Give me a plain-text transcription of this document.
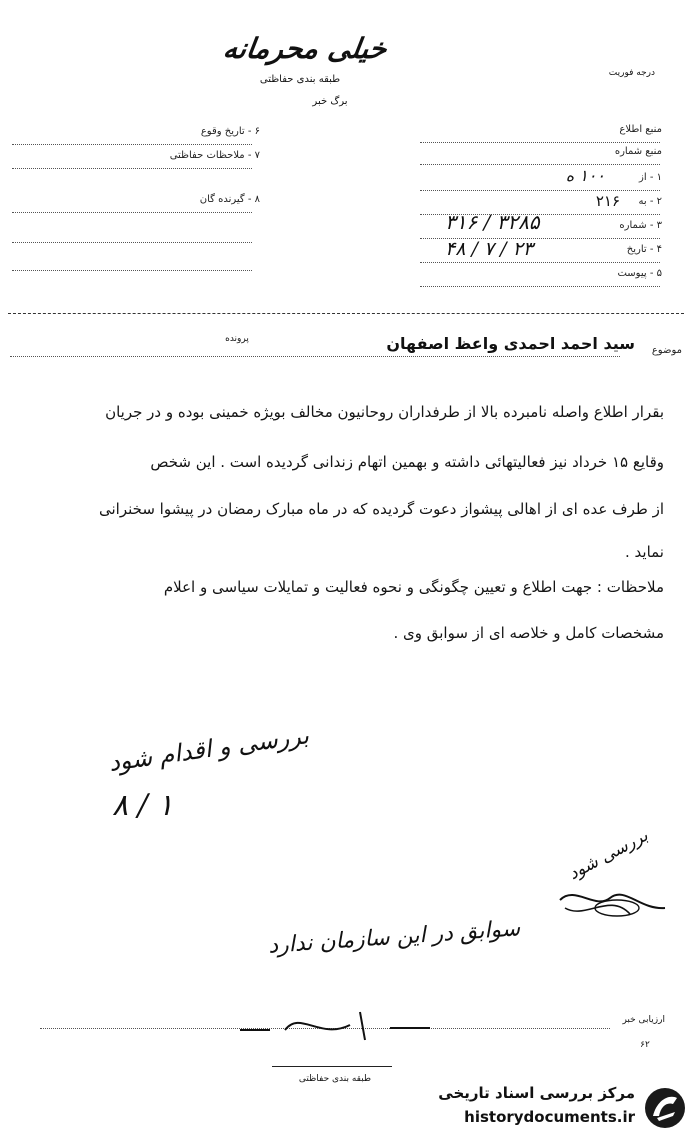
خیلی محرمانه
طبقه بندی حفاظتی
درجه فوریت
برگ خبر
منبع اطلاع
منبع شماره
۱ - از
۱۰۰ ه
۲ - به
۲۱۶
۳ - شماره
۳۱۶ / ۳۲۸۵
۴ - تاریخ
۴۸ / ۷ / ۲۳
۵ - پیوست
۶ - تاریخ وقوع
۷ - ملاحظات حفاظتی
۸ - گیرنده گان
موضوع
سید احمد احمدی واعظ اصفهان
پرونده
بقرار اطلاع واصله نامبرده بالا از طرفداران روحانیون مخالف بویژه خمینی بوده و در جریان
وقایع ۱۵ خرداد نیز فعالیتهائی داشته و بهمین اتهام زندانی گردیده است . این شخص
از طرف عده ای از اهالی پیشواز دعوت گردیده که در ماه مبارک رمضان در پیشوا سخنرانی
نماید .
ملاحظات : جهت اطلاع و تعیین چگونگی و نحوه فعالیت و تمایلات سیاسی و اعلام
مشخصات کامل و خلاصه ای از سوابق وی .
بررسی و اقدام شود
۸ / ۱
بررسی شود
سوابق در این سازمان ندارد
ارزیابی خبر
۶۲
طبقه بندی حفاظتی
مرکز بررسی اسناد تاریخی
historydocuments.ir
